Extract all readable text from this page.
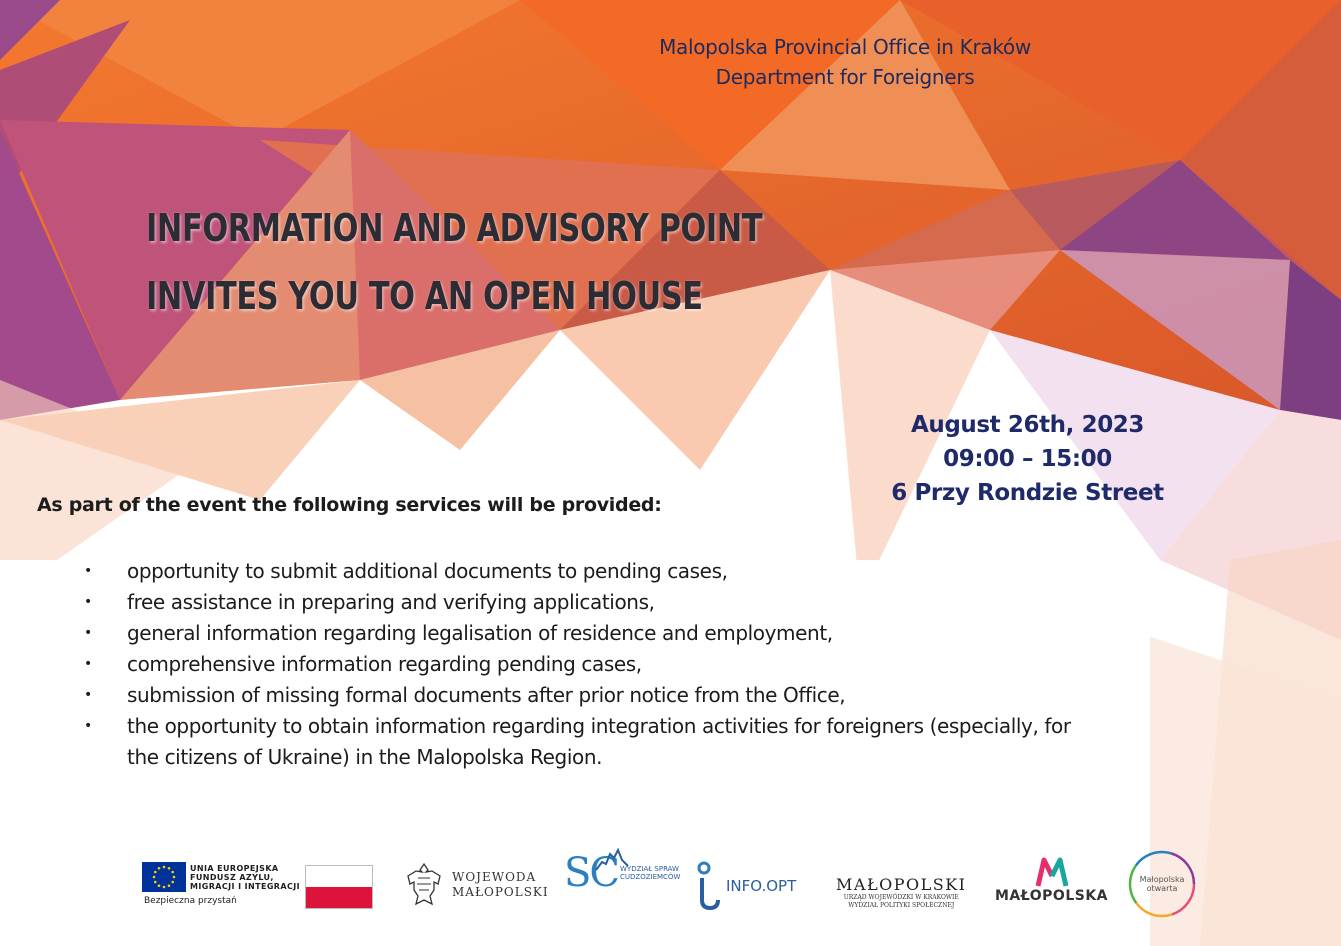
Malopolska Provincial Office in Kraków
Department for Foreigners
INFORMATION AND ADVISORY POINT
INVITES YOU TO AN OPEN HOUSE
August 26th, 2023
09:00 – 15:00
6 Przy Rondzie Street
As part of the event the following services will be provided:
• opportunity to submit additional documents to pending cases,
• free assistance in preparing and verifying applications,
• general information regarding legalisation of residence and employment,
• comprehensive information regarding pending cases,
• submission of missing formal documents after prior notice from the Office,
• the opportunity to obtain information regarding integration activities for foreigners (especially, for the citizens of Ukraine) in the Malopolska Region.
UNIA EUROPEJSKA
FUNDUSZ AZYLU,
MIGRACJI I INTEGRACJI
Bezpieczna przystań
WOJEWODA
MAŁOPOLSKI SC WYDZIAŁ SPRAW
CUDZOZIEMCÓW	INFO.OPT MAŁOPOLSKI
URZĄD WOJEWÓDZKI W KRAKOWIE
WYDZIAŁ POLITYKI SPOŁECZNEJ
MAŁOPOLSKA
Małopolska
otwarta
